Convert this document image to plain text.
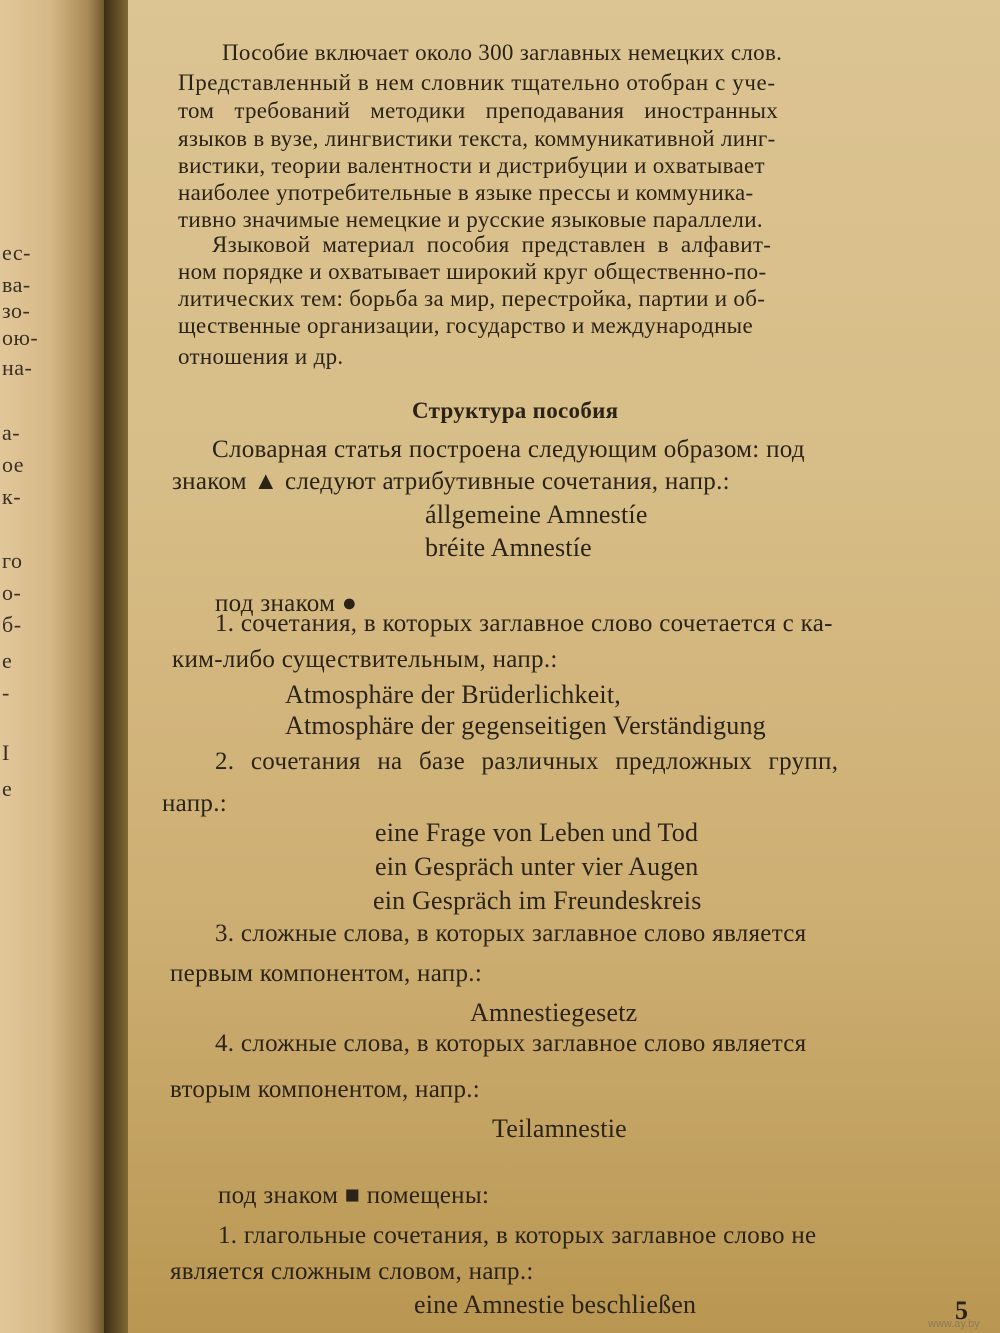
ес-
ва-
зо-
ою-
на-
а-
ое
к-
го
о-
б-
е
-
I
е
Пособие включает около 300 заглавных немецких слов.
Представленный в нем словник тщательно отобран с уче-
том требований методики преподавания иностранных
языков в вузе, лингвистики текста, коммуникативной линг-
вистики, теории валентности и дистрибуции и охватывает
наиболее употребительные в языке прессы и коммуника-
тивно значимые немецкие и русские языковые параллели.
Языковой материал пособия представлен в алфавит-
ном порядке и охватывает широкий круг общественно-по-
литических тем: борьба за мир, перестройка, партии и об-
щественные организации, государство и международные
отношения и др.
Структура пособия
Словарная статья построена следующим образом: под
знаком ▲ следуют атрибутивные сочетания, напр.:
állgemeine Amnestíe
bréite Amnestíe
под знаком ●
1. сочетания, в которых заглавное слово сочетается с ка-
ким-либо существительным, напр.:
Atmosphäre der Brüderlichkeit,
Atmosphäre der gegenseitigen Verständigung
2. сочетания на базе различных предложных групп,
напр.:
eine Frage von Leben und Tod
ein Gespräch unter vier Augen
ein Gespräch im Freundeskreis
3. сложные слова, в которых заглавное слово является
первым компонентом, напр.:
Amnestiegesetz
4. сложные слова, в которых заглавное слово является
вторым компонентом, напр.:
Teilamnestie
под знаком ■ помещены:
1. глагольные сочетания, в которых заглавное слово не
является сложным словом, напр.:
eine Amnestie beschließen	5
www.ay.by
